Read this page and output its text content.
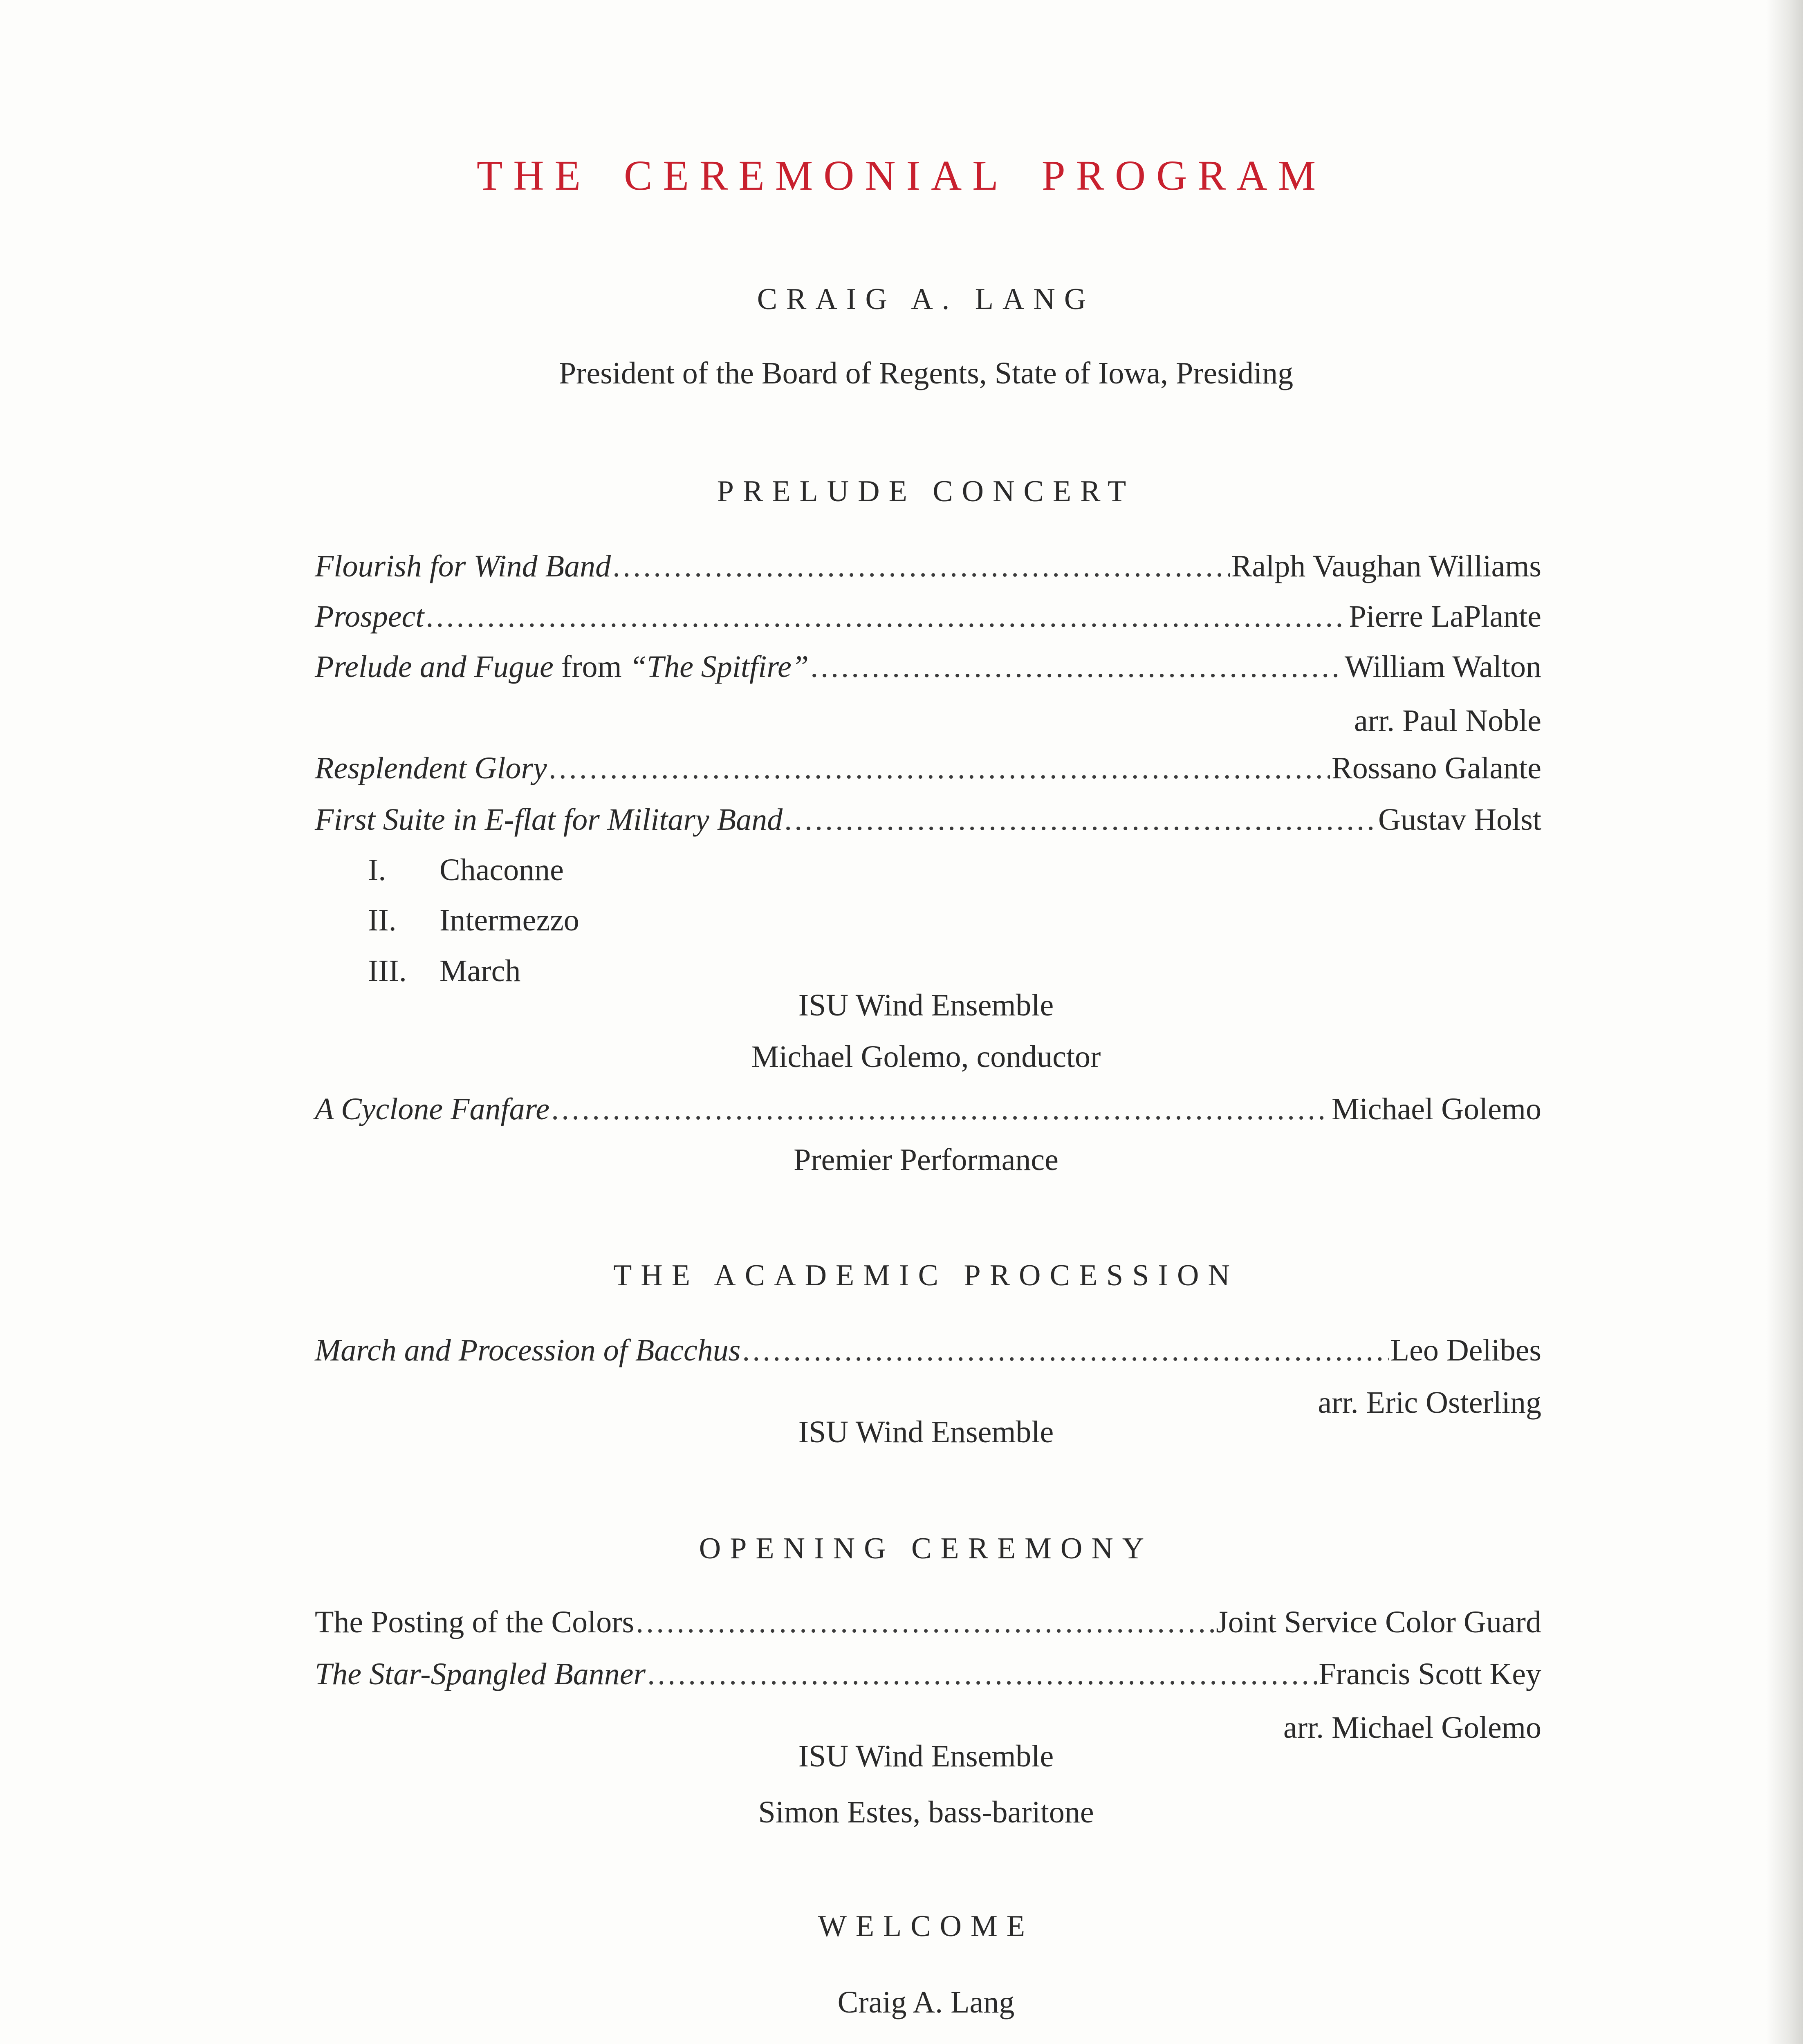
THE CEREMONIAL PROGRAM
CRAIG A. LANG
President of the Board of Regents, State of Iowa, Presiding
PRELUDE CONCERT
Flourish for Wind Band .....	Ralph Vaughan Williams
Prospect .....	Pierre LaPlante
Prelude and Fugue from “The Spitfire” .....	William Walton
arr. Paul Noble
Resplendent Glory .....	Rossano Galante
First Suite in E-flat for Military Band .....	Gustav Holst
I. Chaconne
II. Intermezzo
III. March
ISU Wind Ensemble
Michael Golemo, conductor
A Cyclone Fanfare .....	Michael Golemo
Premier Performance
THE ACADEMIC PROCESSION
March and Procession of Bacchus .....	Leo Delibes
arr. Eric Osterling
ISU Wind Ensemble
OPENING CEREMONY
The Posting of the Colors .....	Joint Service Color Guard
The Star-Spangled Banner .....	Francis Scott Key
arr. Michael Golemo
ISU Wind Ensemble
Simon Estes, bass-baritone
WELCOME
Craig A. Lang
